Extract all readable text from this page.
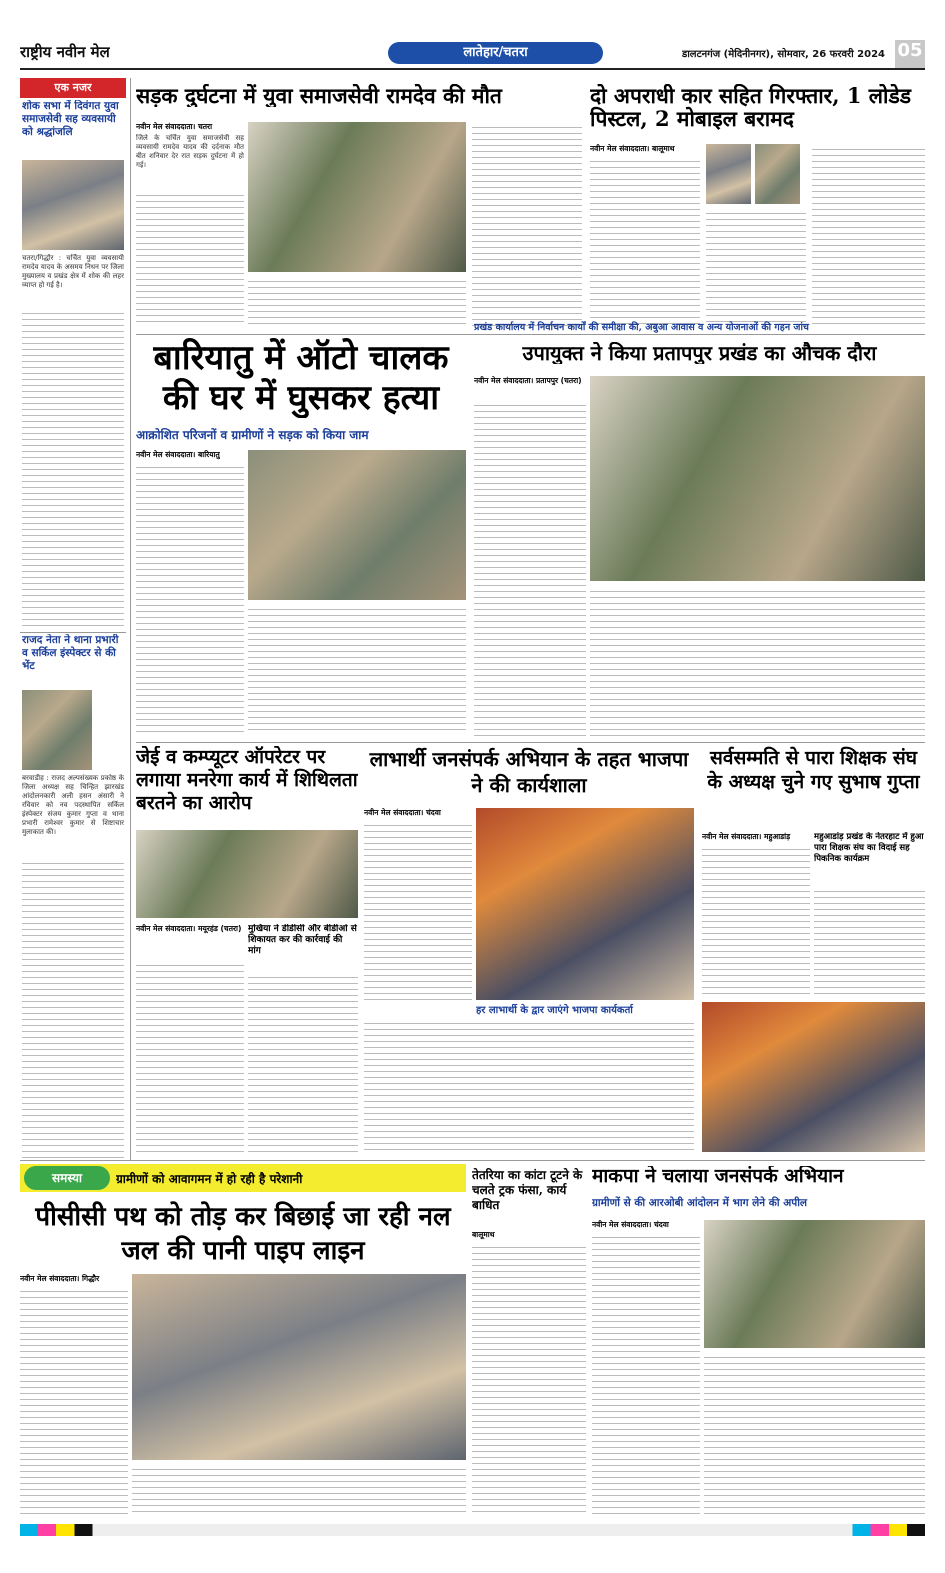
राष्ट्रीय नवीन मेल	लातेहार/चतरा	डालटनगंज (मेदिनीनगर), सोमवार, 26 फरवरी 2024 05
एक नजर
शोक सभा में दिवंगत युवा समाजसेवी सह व्यवसायी को श्रद्धांजलि
चतरा/गिद्धौर : चर्चित युवा व्यवसायी रामदेव यादव के असमय निधन पर जिला मुख्यालय व प्रखंड क्षेत्र में शोक की लहर व्याप्त हो गई है।
राजद नेता ने थाना प्रभारी व सर्किल इंस्पेक्टर से की भेंट
बरवाडीह : राजद अल्पसंख्यक प्रकोष्ठ के जिला अध्यक्ष सह चिन्हित झारखंड आंदोलनकारी अली हसन अंसारी ने रविवार को नव पदस्थापित सर्किल इंस्पेक्टर संजय कुमार गुप्ता व थाना प्रभारी रामेश्वर कुमार से शिष्टाचार मुलाकात की।
सड़क दुर्घटना में युवा समाजसेवी रामदेव की मौत
नवीन मेल संवाददाता। चतरा
जिले के चर्चित युवा समाजसेवी सह व्यवसायी रामदेव यादव की दर्दनाक मौत बीत शनिवार देर रात सड़क दुर्घटना में हो गई।
दो अपराधी कार सहित गिरफ्तार, 1 लोडेड पिस्टल, 2 मोबाइल बरामद
नवीन मेल संवाददाता। बालूमाथ
बारियातु में ऑटो चालक की घर में घुसकर हत्या
आक्रोशित परिजनों व ग्रामीणों ने सड़क को किया जाम
नवीन मेल संवाददाता। बारियातु
प्रखंड कार्यालय में निर्वाचन कार्यों की समीक्षा की, अबुआ आवास व अन्य योजनाओं की गहन जांच
उपायुक्त ने किया प्रतापपुर प्रखंड का औचक दौरा
नवीन मेल संवाददाता। प्रतापपुर (चतरा)
जेई व कम्प्यूटर ऑपरेटर पर लगाया मनरेगा कार्य में शिथिलता बरतने का आरोप
नवीन मेल संवाददाता। मयूरहंड (चतरा) मुखिया ने डीडीसी और बीडीओ से शिकायत कर की कार्रवाई की मांग
लाभार्थी जनसंपर्क अभियान के तहत भाजपा ने की कार्यशाला
नवीन मेल संवाददाता। चंदवा
हर लाभार्थी के द्वार जाएंगे भाजपा कार्यकर्ता
सर्वसम्मति से पारा शिक्षक संघ के अध्यक्ष चुने गए सुभाष गुप्ता
नवीन मेल संवाददाता। महुआडांड़	महुआडांड़ प्रखंड के नेतरहाट में हुआ पारा शिक्षक संघ का विदाई सह पिकनिक कार्यक्रम
समस्या	ग्रामीणों को आवागमन में हो रही है परेशानी
पीसीसी पथ को तोड़ कर बिछाई जा रही नल जल की पानी पाइप लाइन
नवीन मेल संवाददाता। गिद्धौर
तेतरिया का कांटा टूटने के चलते ट्रक फंसा, कार्य बाधित
बालूमाथ
माकपा ने चलाया जनसंपर्क अभियान
ग्रामीणों से की आरओबी आंदोलन में भाग लेने की अपील
नवीन मेल संवाददाता। चंदवा
